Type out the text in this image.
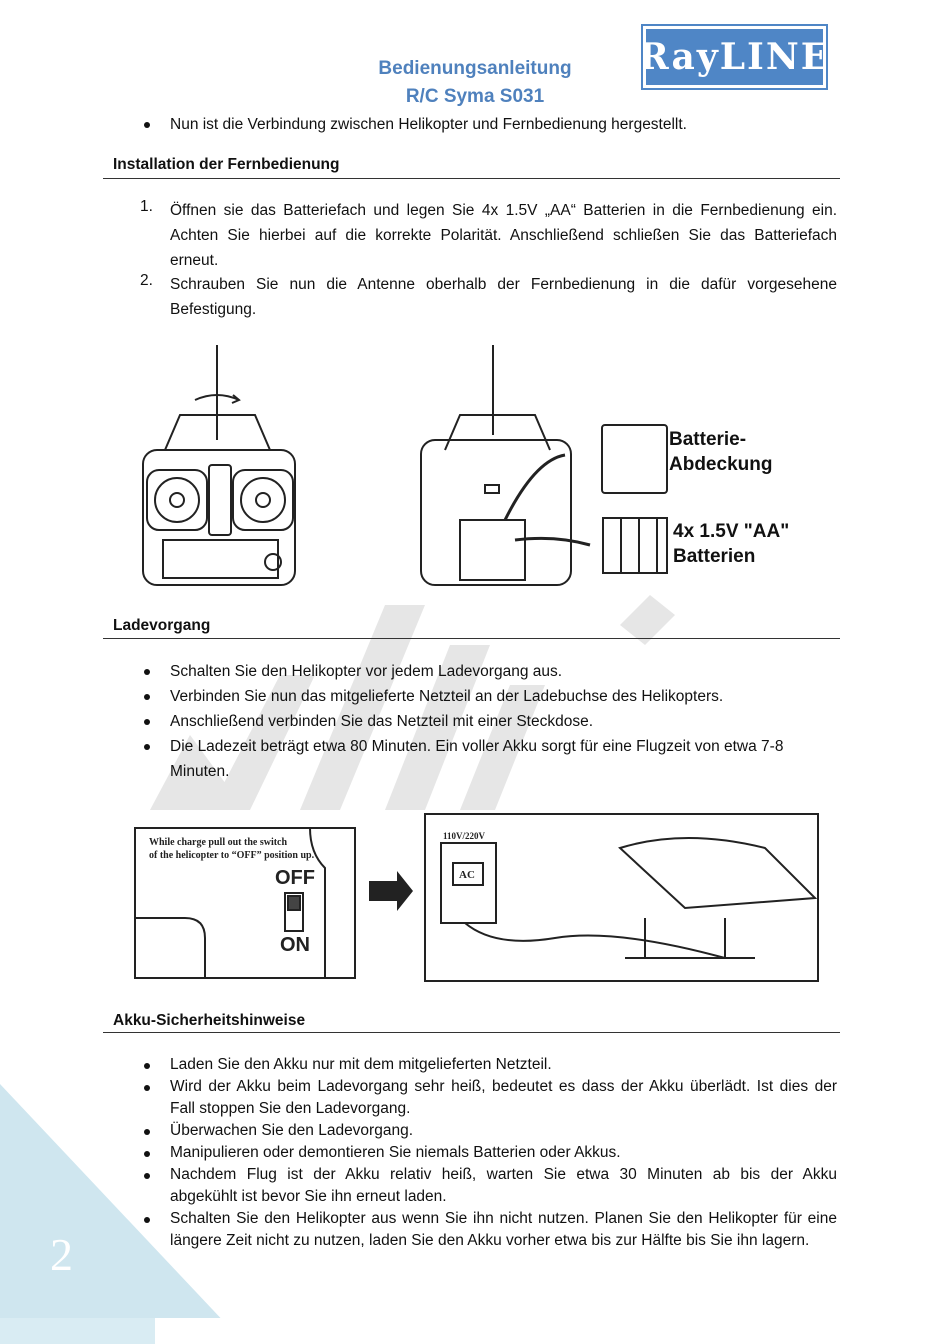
2
Bedienungsanleitung
R/C Syma S031
RayLINE
Nun ist die Verbindung zwischen Helikopter und Fernbedienung hergestellt.
Installation der Fernbedienung
1. Öffnen sie das Batteriefach und legen Sie 4x 1.5V „AA“ Batterien in die Fernbedienung ein.
Achten Sie hierbei auf die korrekte Polarität. Anschließend schließen Sie das Batteriefach
erneut.
2. Schrauben Sie nun die Antenne oberhalb der Fernbedienung in die dafür vorgesehene
Befestigung.
Batterie-
Abdeckung
4x 1.5V "AA"
Batterien
Ladevorgang
Schalten Sie den Helikopter vor jedem Ladevorgang aus.
Verbinden Sie nun das mitgelieferte Netzteil an der Ladebuchse des Helikopters.
Anschließend verbinden Sie das Netzteil mit einer Steckdose.
Die Ladezeit beträgt etwa 80 Minuten. Ein voller Akku sorgt für eine Flugzeit von etwa 7-8
Minuten.
While charge pull out the switch
of the helicopter to “OFF” position up.
OFF
ON
110V/220V
AC
Akku-Sicherheitshinweise
Laden Sie den Akku nur mit dem mitgelieferten Netzteil.
Wird der Akku beim Ladevorgang sehr heiß, bedeutet es dass der Akku überlädt. Ist dies der
Fall stoppen Sie den Ladevorgang.
Überwachen Sie den Ladevorgang.
Manipulieren oder demontieren Sie niemals Batterien oder Akkus.
Nachdem Flug ist der Akku relativ heiß, warten Sie etwa 30 Minuten ab bis der Akku
abgekühlt ist bevor Sie ihn erneut laden.
Schalten Sie den Helikopter aus wenn Sie ihn nicht nutzen. Planen Sie den Helikopter für eine
längere Zeit nicht zu nutzen, laden Sie den Akku vorher etwa bis zur Hälfte bis Sie ihn lagern.
